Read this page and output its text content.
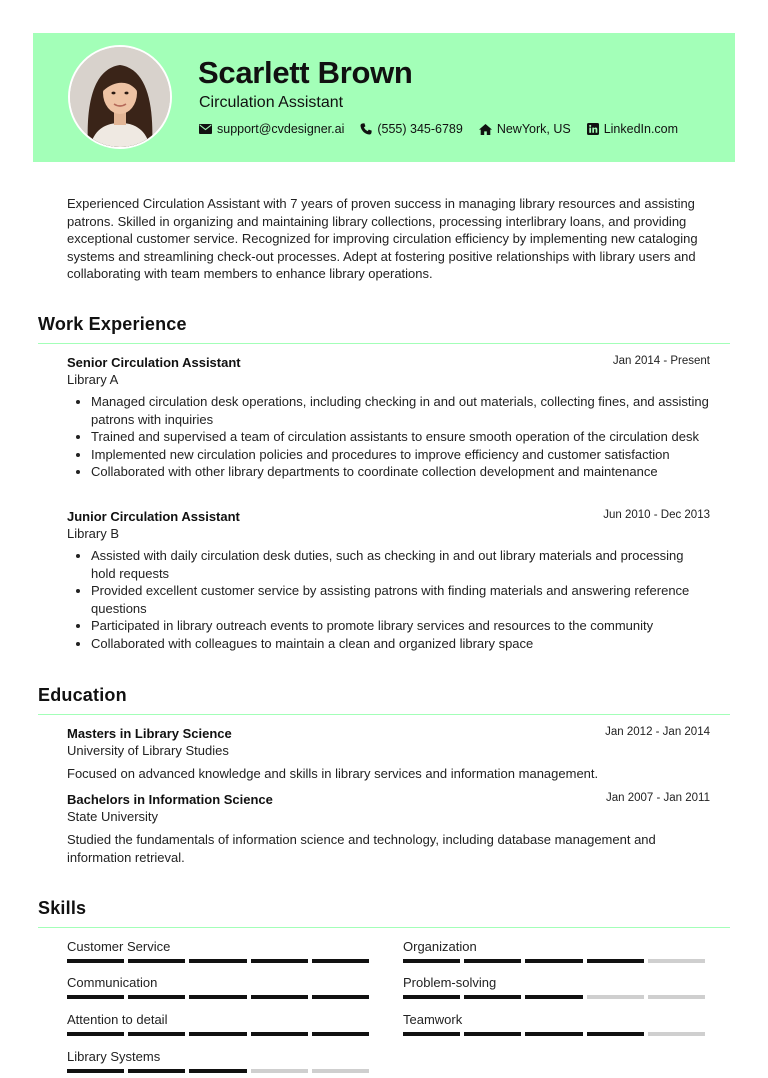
Scarlett Brown
Circulation Assistant
support@cvdesigner.ai	(555) 345-6789	NewYork, US	LinkedIn.com
Experienced Circulation Assistant with 7 years of proven success in managing library resources and assisting patrons. Skilled in organizing and maintaining library collections, processing interlibrary loans, and providing exceptional customer service. Recognized for improving circulation efficiency by implementing new cataloging systems and streamlining check-out processes. Adept at fostering positive relationships with library users and collaborating with team members to enhance library operations.
Work Experience
Senior Circulation Assistant	Jan 2014 - Present
Library A
• Managed circulation desk operations, including checking in and out materials, collecting fines, and assisting patrons with inquiries
• Trained and supervised a team of circulation assistants to ensure smooth operation of the circulation desk
• Implemented new circulation policies and procedures to improve efficiency and customer satisfaction
• Collaborated with other library departments to coordinate collection development and maintenance
Junior Circulation Assistant	Jun 2010 - Dec 2013
Library B
• Assisted with daily circulation desk duties, such as checking in and out library materials and processing hold requests
• Provided excellent customer service by assisting patrons with finding materials and answering reference questions
• Participated in library outreach events to promote library services and resources to the community
• Collaborated with colleagues to maintain a clean and organized library space
Education
Masters in Library Science	Jan 2012 - Jan 2014
University of Library Studies
Focused on advanced knowledge and skills in library services and information management.
Bachelors in Information Science	Jan 2007 - Jan 2011
State University
Studied the fundamentals of information science and technology, including database management and information retrieval.
Skills
Customer Service	Organization
Communication	Problem-solving
Attention to detail	Teamwork
Library Systems
